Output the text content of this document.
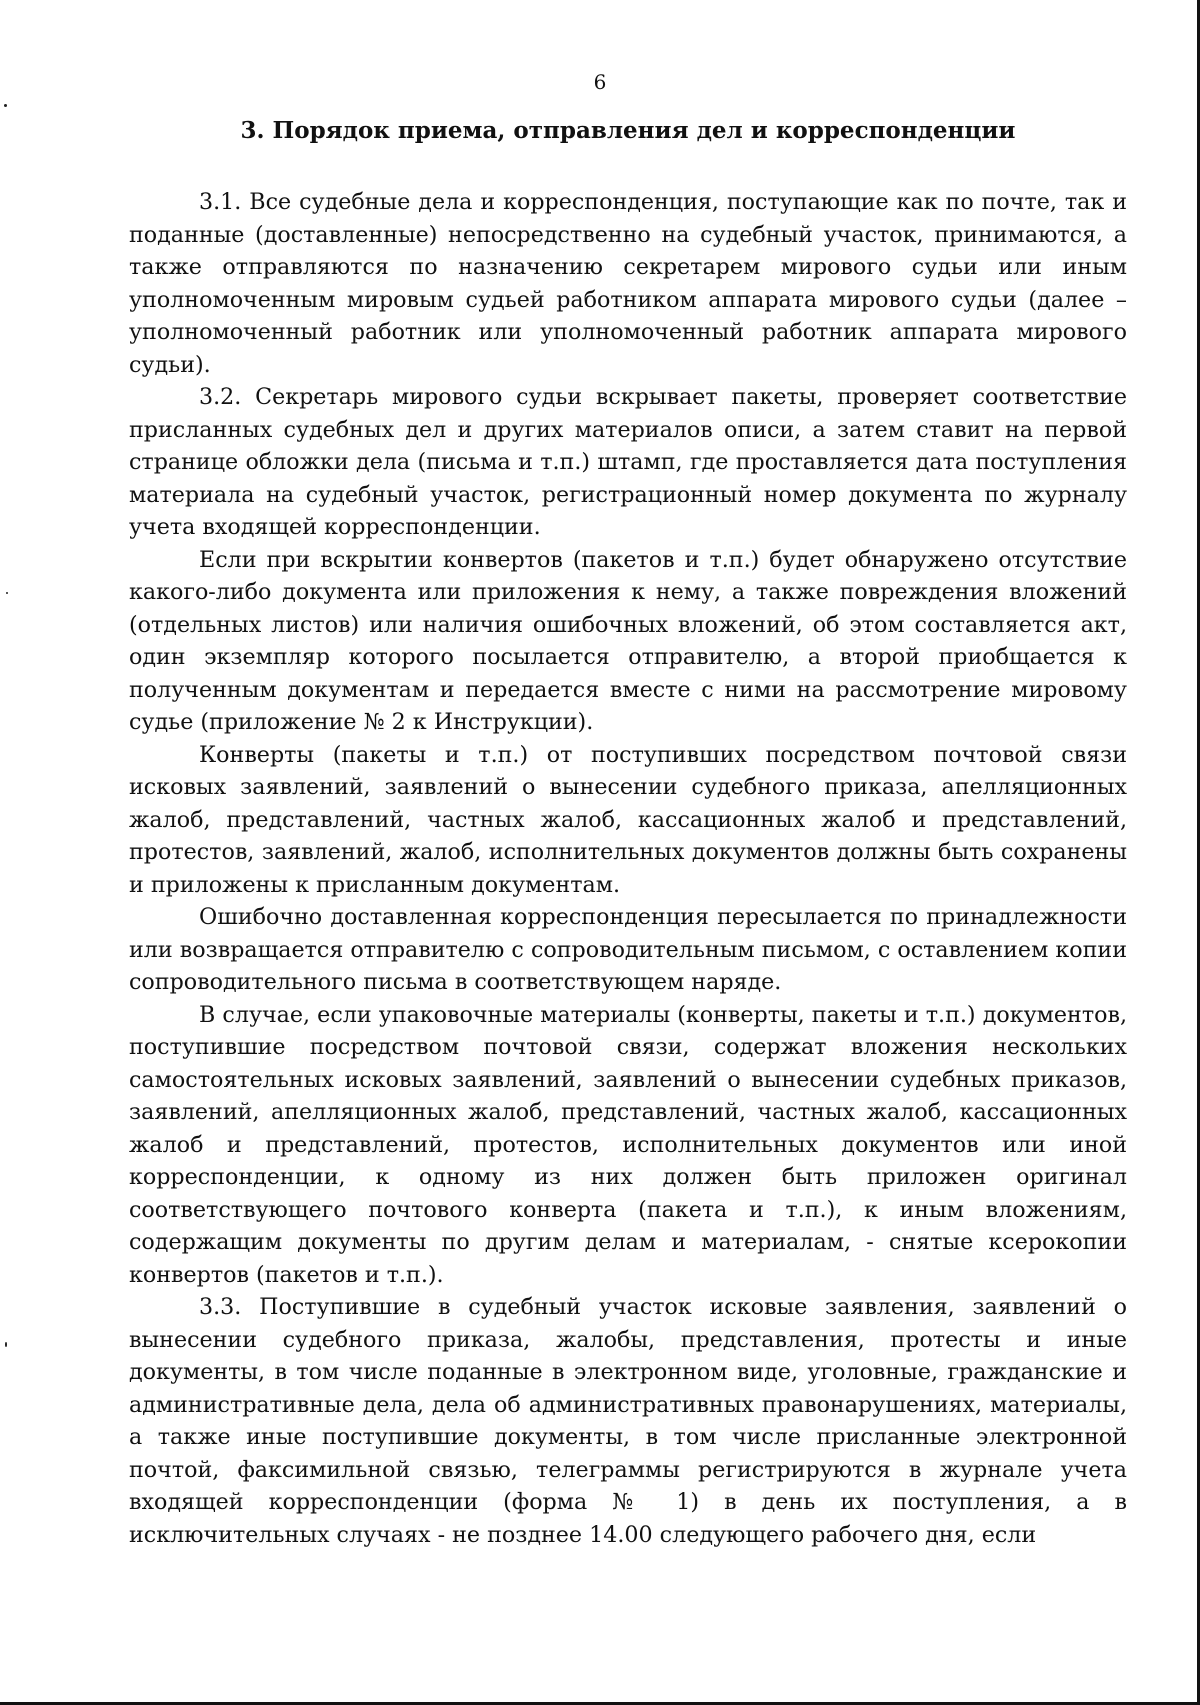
6
3. Порядок приема, отправления дел и корреспонденции

3.1. Все судебные дела и корреспонденция, поступающие как по почте, так и поданные (доставленные) непосредственно на судебный участок, принимаются, а также отправляются по назначению секретарем мирового судьи или иным уполномоченным мировым судьей работником аппарата мирового судьи (далее – уполномоченный работник или уполномоченный работник аппарата мирового судьи).

3.2. Секретарь мирового судьи вскрывает пакеты, проверяет соответствие присланных судебных дел и других материалов описи, а затем ставит на первой странице обложки дела (письма и т.п.) штамп, где проставляется дата поступления материала на судебный участок, регистрационный номер документа по журналу учета входящей корреспонденции.

Если при вскрытии конвертов (пакетов и т.п.) будет обнаружено отсутствие какого-либо документа или приложения к нему, а также повреждения вложений (отдельных листов) или наличия ошибочных вложений, об этом составляется акт, один экземпляр которого посылается отправителю, а второй приобщается к полученным документам и передается вместе с ними на рассмотрение мировому судье (приложение № 2 к Инструкции).

Конверты (пакеты и т.п.) от поступивших посредством почтовой связи исковых заявлений, заявлений о вынесении судебного приказа, апелляционных жалоб, представлений, частных жалоб, кассационных жалоб и представлений, протестов, заявлений, жалоб, исполнительных документов должны быть сохранены и приложены к присланным документам.

Ошибочно доставленная корреспонденция пересылается по принадлежности или возвращается отправителю с сопроводительным письмом, с оставлением копии сопроводительного письма в соответствующем наряде.

В случае, если упаковочные материалы (конверты, пакеты и т.п.) документов, поступившие посредством почтовой связи, содержат вложения нескольких самостоятельных исковых заявлений, заявлений о вынесении судебных приказов, заявлений, апелляционных жалоб, представлений, частных жалоб, кассационных жалоб и представлений, протестов, исполнительных документов или иной корреспонденции, к одному из них должен быть приложен оригинал соответствующего почтового конверта (пакета и т.п.), к иным вложениям, содержащим документы по другим делам и материалам, - снятые ксерокопии конвертов (пакетов и т.п.).

3.3. Поступившие в судебный участок исковые заявления, заявлений о вынесении судебного приказа, жалобы, представления, протесты и иные документы, в том числе поданные в электронном виде, уголовные, гражданские и административные дела, дела об административных правонарушениях, материалы, а также иные поступившие документы, в том числе присланные электронной почтой, факсимильной связью, телеграммы регистрируются в журнале учета входящей корреспонденции (форма № 1) в день их поступления, а в исключительных случаях - не позднее 14.00 следующего рабочего дня, если
